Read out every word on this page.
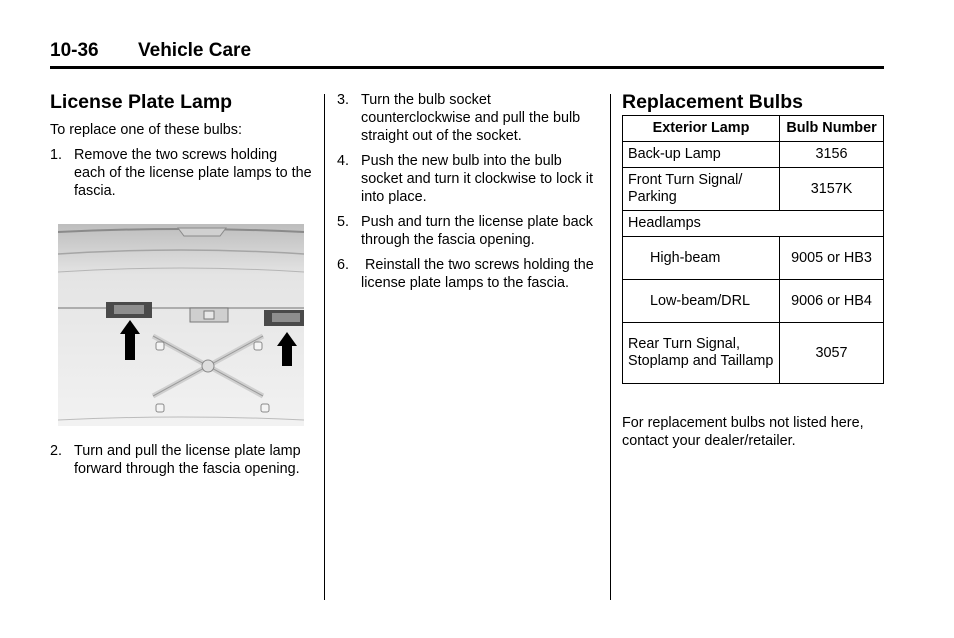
10-36 Vehicle Care
License Plate Lamp

To replace one of these bulbs:

1. Remove the two screws holding each of the license plate lamps to the fascia.
2. Turn and pull the license plate lamp forward through the fascia opening.
3. Turn the bulb socket counterclockwise and pull the bulb straight out of the socket.
4. Push the new bulb into the bulb socket and turn it clockwise to lock it into place.
5. Push and turn the license plate back through the fascia opening.
6. Reinstall the two screws holding the license plate lamps to the fascia.
Replacement Bulbs
Exterior Lamp	Bulb Number
Back-up Lamp	3156
Front Turn Signal/ Parking	3157K
Headlamps	
High-beam	9005 or HB3
Low-beam/DRL	9006 or HB4
Rear Turn Signal, Stoplamp and Taillamp	3057

For replacement bulbs not listed here, contact your dealer/retailer.
